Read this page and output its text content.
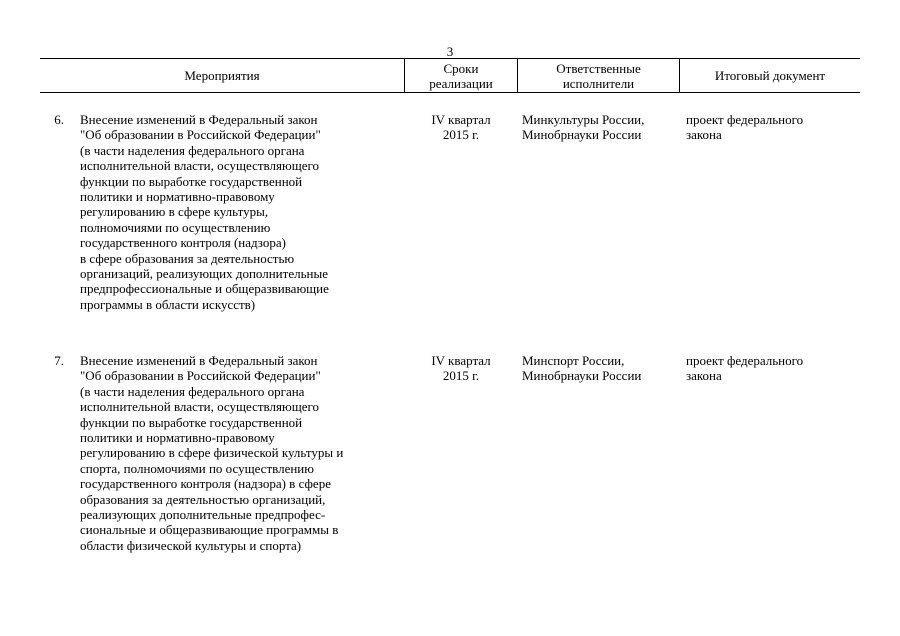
3
Мероприятия	Сроки
реализации
Ответственные
исполнители	Итоговый документ
6. Внесение изменений в Федеральный закон
"Об образовании в Российской Федерации"
(в части наделения федерального органа
исполнительной власти, осуществляющего
функции по выработке государственной
политики и нормативно-правовому
регулированию в сфере культуры,
полномочиями по осуществлению
государственного контроля (надзора)
в сфере образования за деятельностью
организаций, реализующих дополнительные
предпрофессиональные и общеразвивающие
программы в области искусств)
IV квартал
2015 г.
Минкультуры России,
Минобрнауки России
проект федерального
закона
7. Внесение изменений в Федеральный закон
"Об образовании в Российской Федерации"
(в части наделения федерального органа
исполнительной власти, осуществляющего
функции по выработке государственной
политики и нормативно-правовому
регулированию в сфере физической культуры и
спорта, полномочиями по осуществлению
государственного контроля (надзора) в сфере
образования за деятельностью организаций,
реализующих дополнительные предпрофес-
сиональные и общеразвивающие программы в
области физической культуры и спорта)
IV квартал
2015 г.
Минспорт России,
Минобрнауки России
проект федерального
закона
